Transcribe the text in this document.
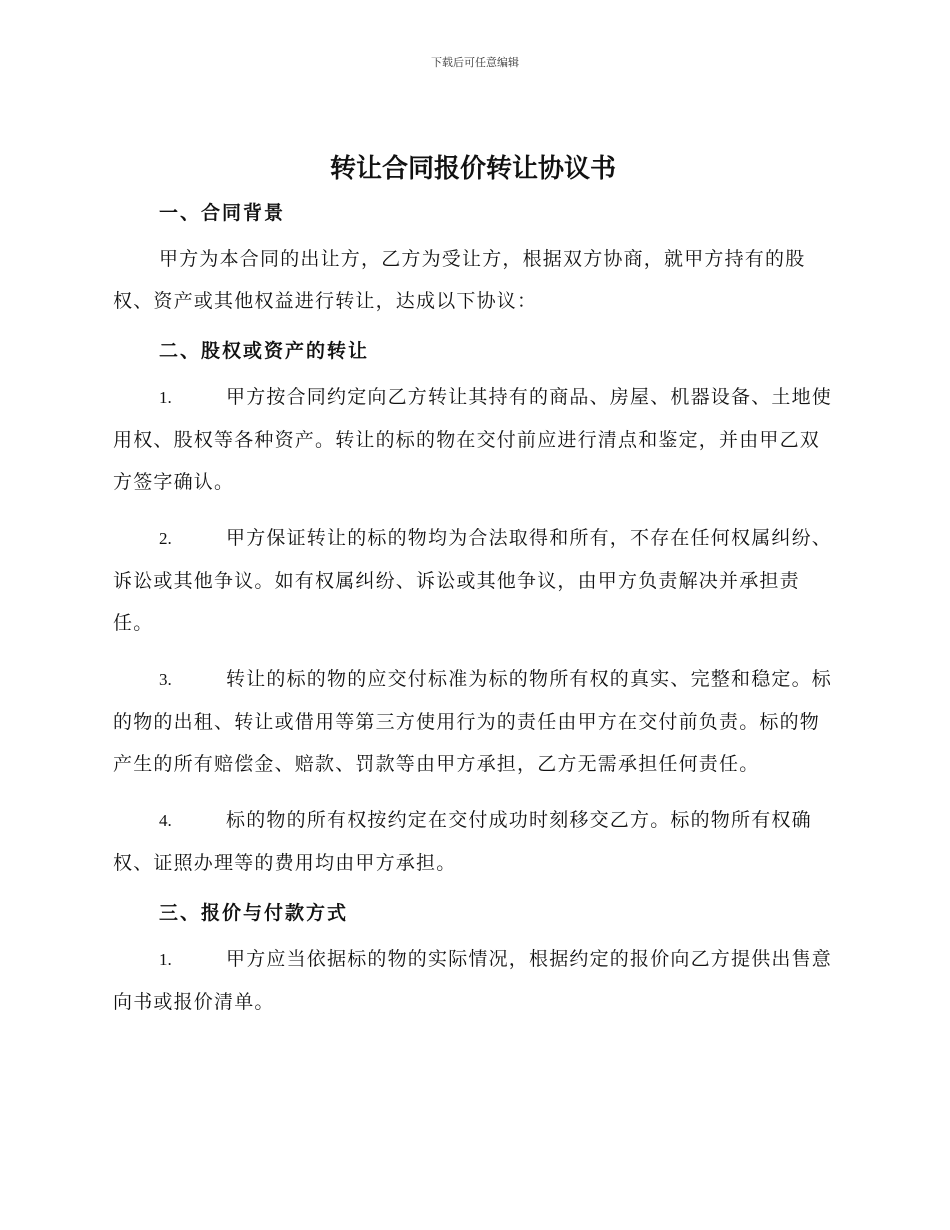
下载后可任意编辑
转让合同报价转让协议书
一、合同背景

甲方为本合同的出让方，乙方为受让方，根据双方协商，就甲方持有的股权、资产或其他权益进行转让，达成以下协议：

二、股权或资产的转让

1.	甲方按合同约定向乙方转让其持有的商品、房屋、机器设备、土地使用权、股权等各种资产。转让的标的物在交付前应进行清点和鉴定，并由甲乙双方签字确认。

2.	甲方保证转让的标的物均为合法取得和所有，不存在任何权属纠纷、诉讼或其他争议。如有权属纠纷、诉讼或其他争议，由甲方负责解决并承担责任。

3.	转让的标的物的应交付标准为标的物所有权的真实、完整和稳定。标的物的出租、转让或借用等第三方使用行为的责任由甲方在交付前负责。标的物产生的所有赔偿金、赔款、罚款等由甲方承担，乙方无需承担任何责任。

4.	标的物的所有权按约定在交付成功时刻移交乙方。标的物所有权确权、证照办理等的费用均由甲方承担。

三、报价与付款方式

1.	甲方应当依据标的物的实际情况，根据约定的报价向乙方提供出售意向书或报价清单。
